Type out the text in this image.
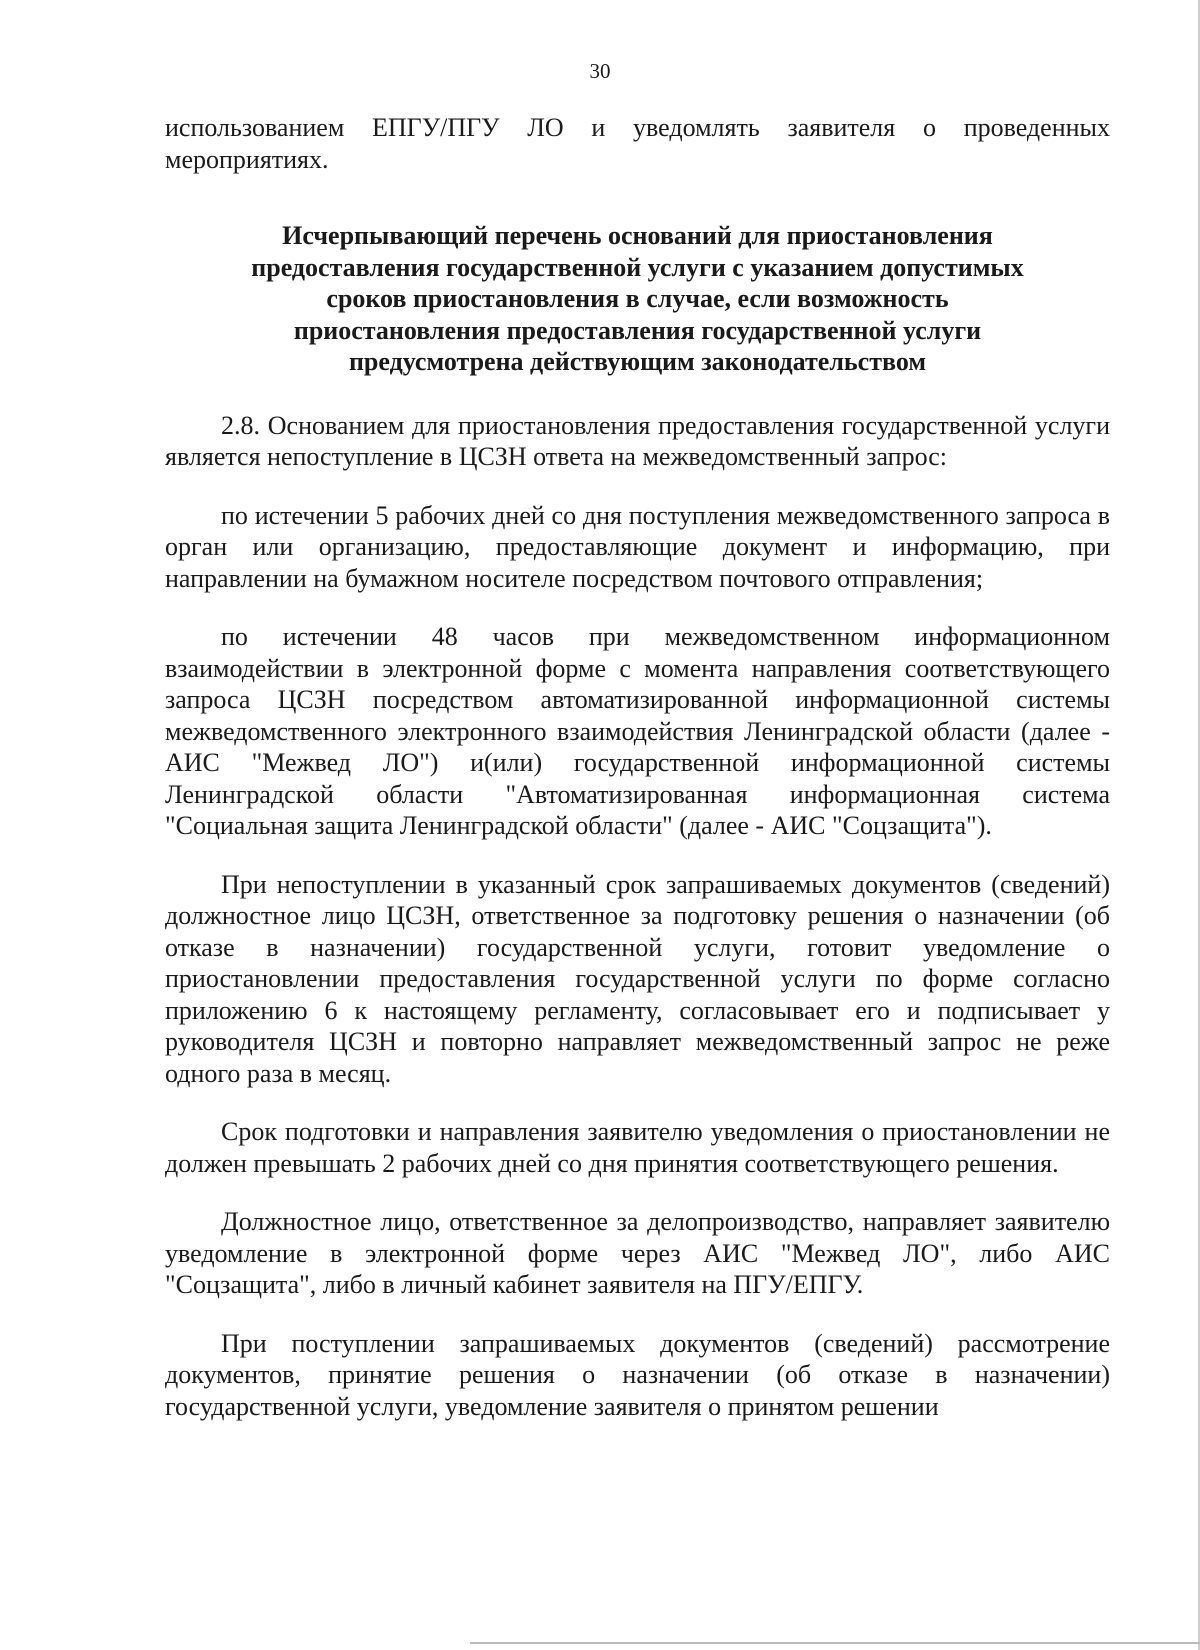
30

использованием ЕПГУ/ПГУ ЛО и уведомлять заявителя о проведенных мероприятиях.

Исчерпывающий перечень оснований для приостановления
предоставления государственной услуги с указанием допустимых
сроков приостановления в случае, если возможность
приостановления предоставления государственной услуги
предусмотрена действующим законодательством

2.8. Основанием для приостановления предоставления государственной услуги является непоступление в ЦСЗН ответа на межведомственный запрос:

по истечении 5 рабочих дней со дня поступления межведомственного запроса в орган или организацию, предоставляющие документ и информацию, при направлении на бумажном носителе посредством почтового отправления;

по истечении 48 часов при межведомственном информационном взаимодействии в электронной форме с момента направления соответствующего запроса ЦСЗН посредством автоматизированной информационной системы межведомственного электронного взаимодействия Ленинградской области (далее - АИС "Межвед ЛО") и(или) государственной информационной системы Ленинградской области "Автоматизированная информационная система "Социальная защита Ленинградской области" (далее - АИС "Соцзащита").

При непоступлении в указанный срок запрашиваемых документов (сведений) должностное лицо ЦСЗН, ответственное за подготовку решения о назначении (об отказе в назначении) государственной услуги, готовит уведомление о приостановлении предоставления государственной услуги по форме согласно приложению 6 к настоящему регламенту, согласовывает его и подписывает у руководителя ЦСЗН и повторно направляет межведомственный запрос не реже одного раза в месяц.

Срок подготовки и направления заявителю уведомления о приостановлении не должен превышать 2 рабочих дней со дня принятия соответствующего решения.

Должностное лицо, ответственное за делопроизводство, направляет заявителю уведомление в электронной форме через АИС "Межвед ЛО", либо АИС "Соцзащита", либо в личный кабинет заявителя на ПГУ/ЕПГУ.

При поступлении запрашиваемых документов (сведений) рассмотрение документов, принятие решения о назначении (об отказе в назначении) государственной услуги, уведомление заявителя о принятом решении
